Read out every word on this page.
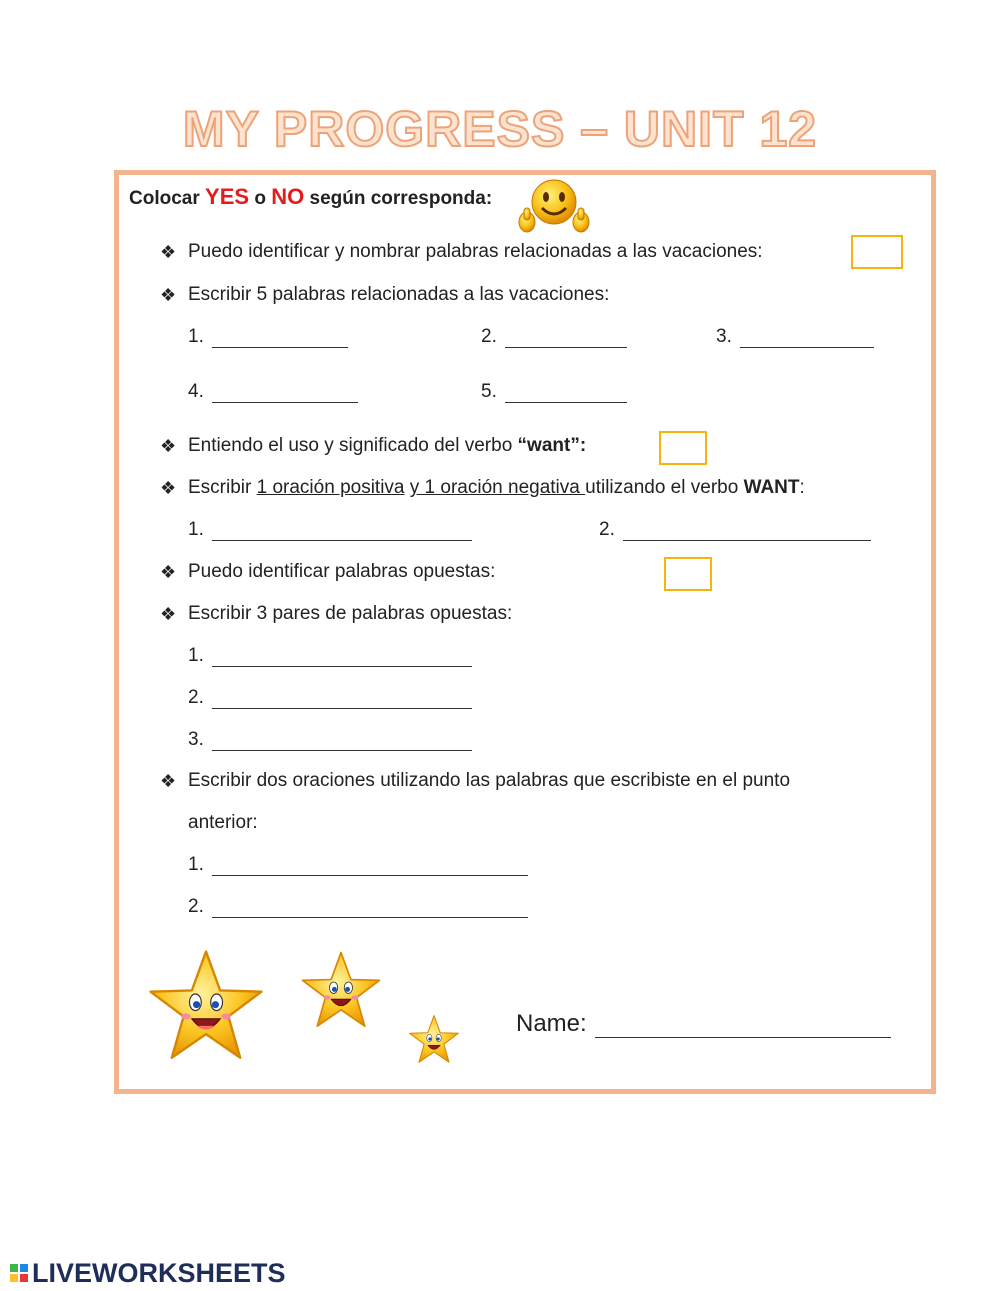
MY PROGRESS – UNIT 12
Colocar YES o NO según corresponda:
❖ Puedo identificar y nombrar palabras relacionadas a las vacaciones:
❖ Escribir 5 palabras relacionadas a las vacaciones:
1.	2.	3.
4.	5.
❖ Entiendo el uso y significado del verbo “want”:
❖ Escribir 1 oración positiva y 1 oración negativa utilizando el verbo WANT:
1.	2.
❖ Puedo identificar palabras opuestas:
❖ Escribir 3 pares de palabras opuestas:
1.
2.
3.
❖ Escribir dos oraciones utilizando las palabras que escribiste en el punto
anterior:
1.
2.
Name:
LIVEWORKSHEETS
